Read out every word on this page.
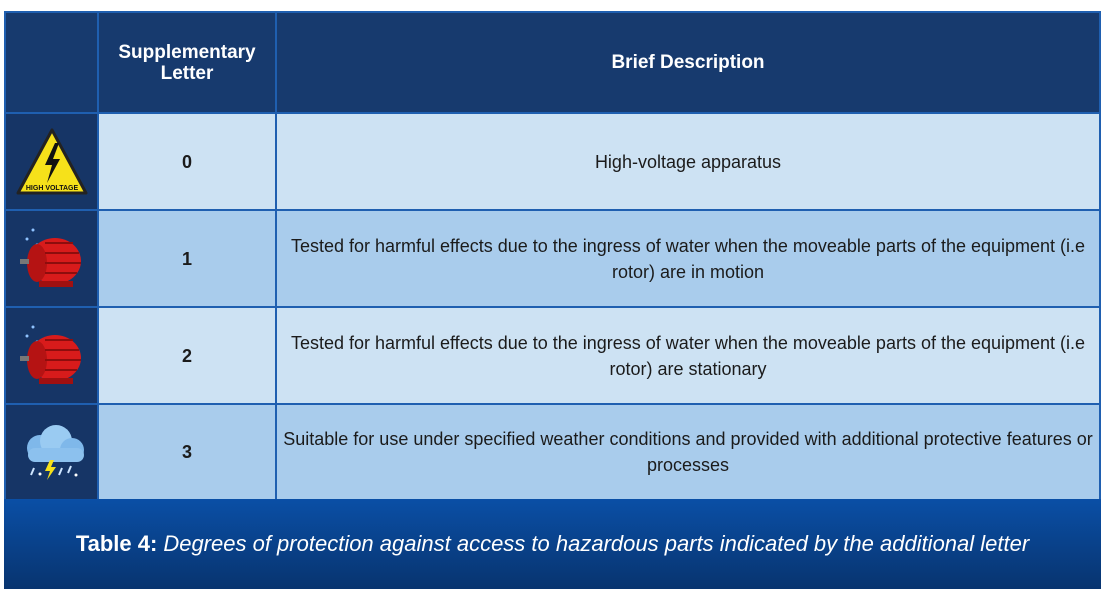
	Supplementary Letter	Brief Description

HIGH VOLTAGE	0	High-voltage apparatus

	1	Tested for harmful effects due to the ingress of water when the moveable parts of the equipment (i.e rotor) are in motion

	2	Tested for harmful effects due to the ingress of water when the moveable parts of the equipment (i.e rotor) are stationary

	3	Suitable for use under specified weather conditions and provided with additional protective features or processes
Table 4: Degrees of protection against access to hazardous parts indicated by the additional letter
